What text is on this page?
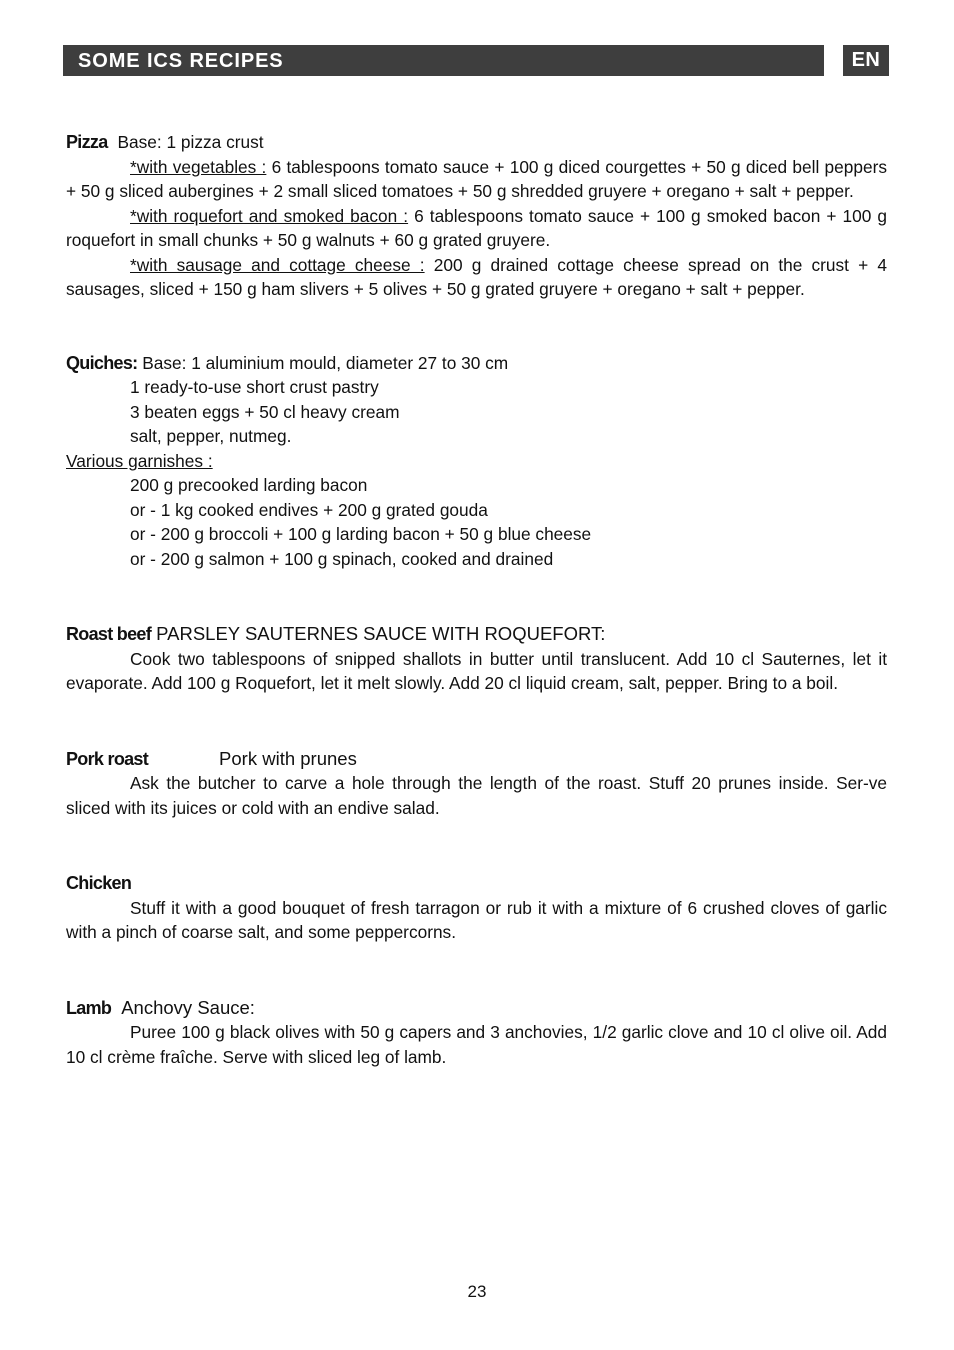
SOME ICS RECIPES	EN

Pizza Base: 1 pizza crust

*with vegetables : 6 tablespoons tomato sauce + 100 g diced courgettes + 50 g diced bell peppers + 50 g sliced aubergines + 2 small sliced tomatoes + 50 g shredded gruyere + oregano + salt + pepper.

*with roquefort and smoked bacon : 6 tablespoons tomato sauce + 100 g smoked bacon + 100 g roquefort in small chunks + 50 g walnuts + 60 g grated gruyere.

*with sausage and cottage cheese : 200 g drained cottage cheese spread on the crust + 4 sausages, sliced + 150 g ham slivers + 5 olives + 50 g grated gruyere + oregano + salt + pepper.

Quiches: Base: 1 aluminium mould, diameter 27 to 30 cm

1 ready-to-use short crust pastry
3 beaten eggs + 50 cl heavy cream
salt, pepper, nutmeg.
Various garnishes :
200 g precooked larding bacon
or - 1 kg cooked endives + 200 g grated gouda
or - 200 g broccoli + 100 g larding bacon + 50 g blue cheese
or - 200 g salmon + 100 g spinach, cooked and drained

Roast beef PARSLEY SAUTERNES SAUCE WITH ROQUEFORT:

Cook two tablespoons of snipped shallots in butter until translucent. Add 10 cl Sauternes, let it evaporate. Add 100 g Roquefort, let it melt slowly. Add 20 cl liquid cream, salt, pepper. Bring to a boil.

Pork roast	Pork with prunes

Ask the butcher to carve a hole through the length of the roast. Stuff 20 prunes inside. Ser-ve sliced with its juices or cold with an endive salad.

Chicken

Stuff it with a good bouquet of fresh tarragon or rub it with a mixture of 6 crushed cloves of garlic with a pinch of coarse salt, and some peppercorns.

Lamb Anchovy Sauce:

Puree 100 g black olives with 50 g capers and 3 anchovies, 1/2 garlic clove and 10 cl olive oil. Add 10 cl crème fraîche. Serve with sliced leg of lamb.

23
